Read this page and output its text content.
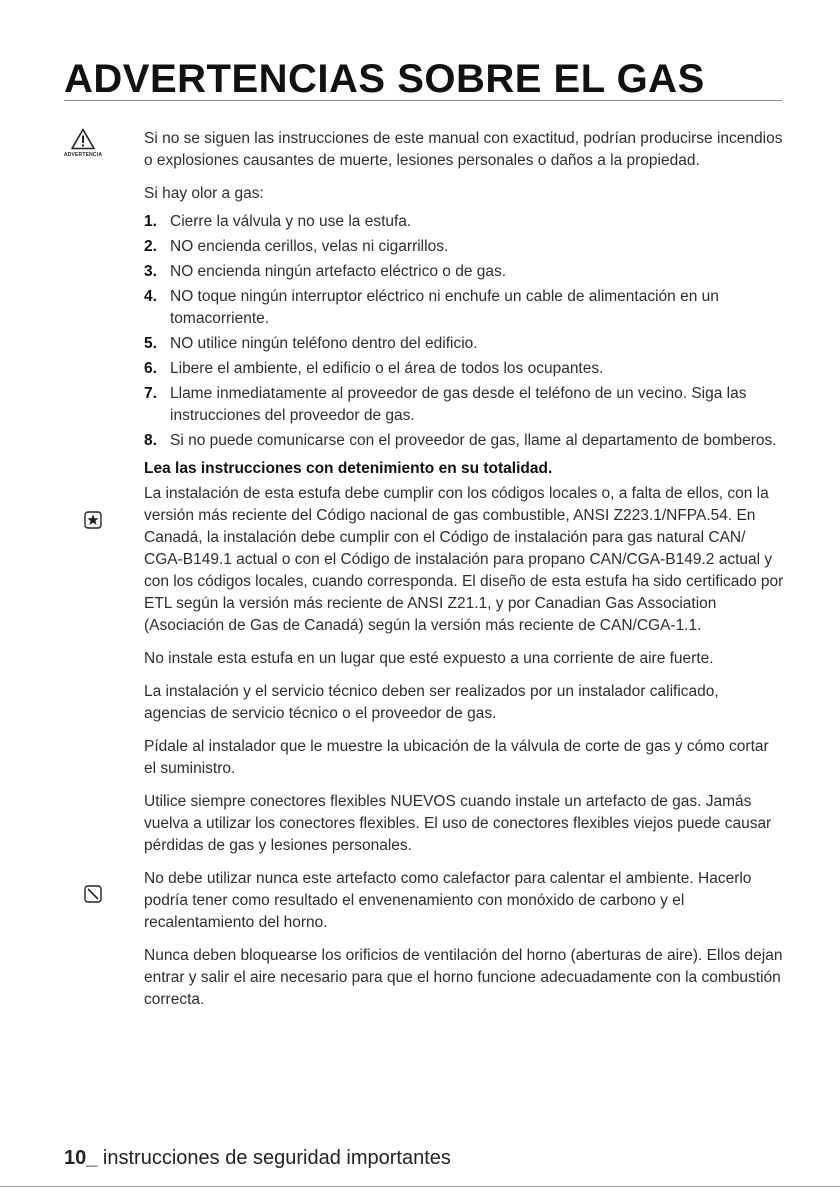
ADVERTENCIAS SOBRE EL GAS
ADVERTENCIA

Si no se siguen las instrucciones de este manual con exactitud, podrían producirse incendios o explosiones causantes de muerte, lesiones personales o daños a la propiedad.

Si hay olor a gas:

1. Cierre la válvula y no use la estufa.
2. NO encienda cerillos, velas ni cigarrillos.
3. NO encienda ningún artefacto eléctrico o de gas.
4. NO toque ningún interruptor eléctrico ni enchufe un cable de alimentación en un tomacorriente.
5. NO utilice ningún teléfono dentro del edificio.
6. Libere el ambiente, el edificio o el área de todos los ocupantes.
7. Llame inmediatamente al proveedor de gas desde el teléfono de un vecino. Siga las instrucciones del proveedor de gas.
8. Si no puede comunicarse con el proveedor de gas, llame al departamento de bomberos.

Lea las instrucciones con detenimiento en su totalidad.

La instalación de esta estufa debe cumplir con los códigos locales o, a falta de ellos, con la versión más reciente del Código nacional de gas combustible, ANSI Z223.1/NFPA.54. En Canadá, la instalación debe cumplir con el Código de instalación para gas natural CAN/ CGA-B149.1 actual o con el Código de instalación para propano CAN/CGA-B149.2 actual y con los códigos locales, cuando corresponda. El diseño de esta estufa ha sido certificado por ETL según la versión más reciente de ANSI Z21.1, y por Canadian Gas Association (Asociación de Gas de Canadá) según la versión más reciente de CAN/CGA-1.1.

No instale esta estufa en un lugar que esté expuesto a una corriente de aire fuerte.

La instalación y el servicio técnico deben ser realizados por un instalador calificado, agencias de servicio técnico o el proveedor de gas.

Pídale al instalador que le muestre la ubicación de la válvula de corte de gas y cómo cortar el suministro.

Utilice siempre conectores flexibles NUEVOS cuando instale un artefacto de gas. Jamás vuelva a utilizar los conectores flexibles. El uso de conectores flexibles viejos puede causar pérdidas de gas y lesiones personales.

No debe utilizar nunca este artefacto como calefactor para calentar el ambiente. Hacerlo podría tener como resultado el envenenamiento con monóxido de carbono y el recalentamiento del horno.

Nunca deben bloquearse los orificios de ventilación del horno (aberturas de aire). Ellos dejan entrar y salir el aire necesario para que el horno funcione adecuadamente con la combustión correcta.

10_ instrucciones de seguridad importantes
